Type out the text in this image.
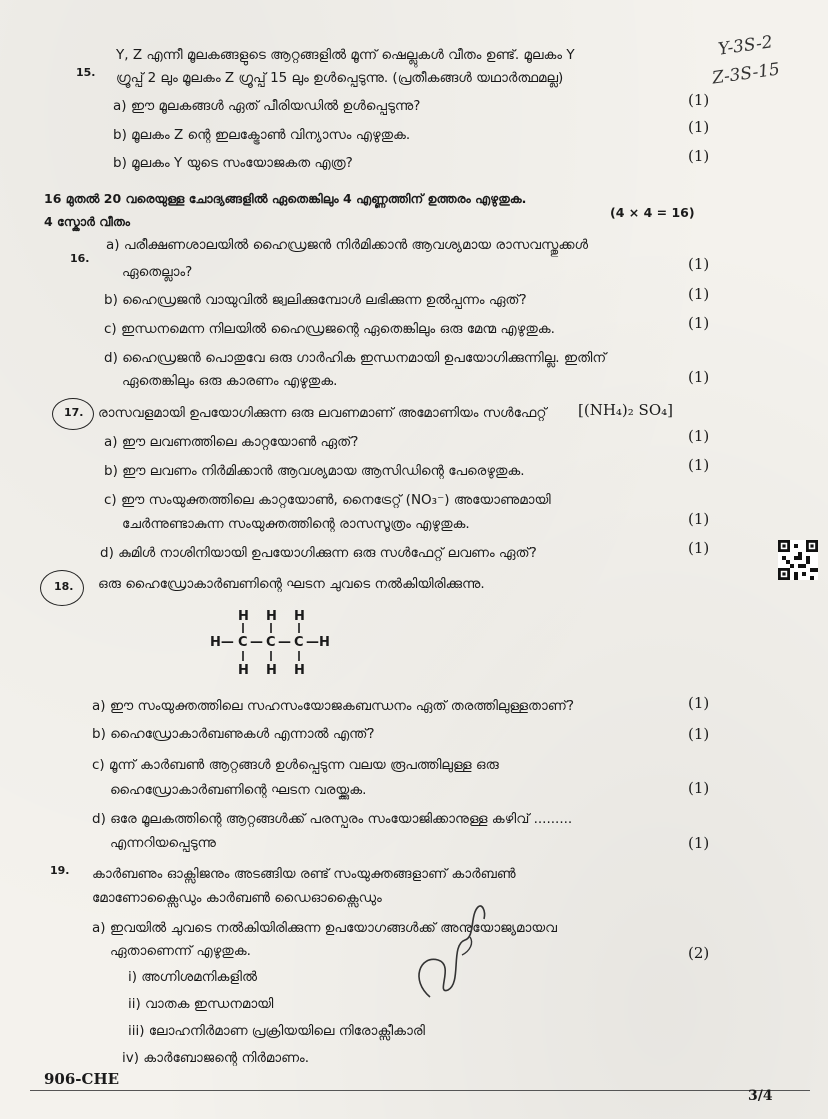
Y-3S-2
Z-3S-15
15.
Y, Z എന്നീ മൂലകങ്ങളുടെ ആറ്റങ്ങളിൽ മൂന്ന് ഷെല്ലുകൾ വീതം ഉണ്ട്. മൂലകം Y
ഗ്രൂപ്പ് 2 ലും മൂലകം Z ഗ്രൂപ്പ് 15 ലും ഉൾപ്പെടുന്നു. (പ്രതീകങ്ങൾ യഥാർത്ഥമല്ല)
a) ഈ മൂലകങ്ങൾ ഏത് പീരിയഡിൽ ഉൾപ്പെടുന്നു?	(1)
b) മൂലകം Z ന്റെ ഇലക്ട്രോൺ വിന്യാസം എഴുതുക.	(1)
b) മൂലകം Y യുടെ സംയോജകത എത്ര?	(1)
16 മുതൽ 20 വരെയുള്ള ചോദ്യങ്ങളിൽ ഏതെങ്കിലും 4 എണ്ണത്തിന് ഉത്തരം എഴുതുക.
4 സ്കോർ വീതം
(4 × 4 = 16)
16.
a) പരീക്ഷണശാലയിൽ ഹൈഡ്രജൻ നിർമിക്കാൻ ആവശ്യമായ രാസവസ്തുക്കൾ
ഏതെല്ലാം?	(1)
b) ഹൈഡ്രജൻ വായുവിൽ ജ്വലിക്കുമ്പോൾ ലഭിക്കുന്ന ഉൽപ്പന്നം ഏത്?	(1)
c) ഇന്ധനമെന്ന നിലയിൽ ഹൈഡ്രജന്റെ ഏതെങ്കിലും ഒരു മേന്മ എഴുതുക.	(1)
d) ഹൈഡ്രജൻ പൊതുവേ ഒരു ഗാർഹിക ഇന്ധനമായി ഉപയോഗിക്കുന്നില്ല. ഇതിന്
ഏതെങ്കിലും ഒരു കാരണം എഴുതുക.	(1)
17. രാസവളമായി ഉപയോഗിക്കുന്ന ഒരു ലവണമാണ് അമോണിയം സൾഫേറ്റ് [(NH₄)₂ SO₄]
a) ഈ ലവണത്തിലെ കാറ്റയോൺ ഏത്?	(1)
b) ഈ ലവണം നിർമിക്കാൻ ആവശ്യമായ ആസിഡിന്റെ പേരെഴുതുക.	(1)
c) ഈ സംയുക്തത്തിലെ കാറ്റയോൺ, നൈട്രേറ്റ് (NO₃⁻) അയോണുമായി
ചേർന്നുണ്ടാകുന്ന സംയുക്തത്തിന്റെ രാസസൂത്രം എഴുതുക.	(1)
d) കുമിൾ നാശിനിയായി ഉപയോഗിക്കുന്ന ഒരു സൾഫേറ്റ് ലവണം ഏത്?	(1)
18. ഒരു ഹൈഡ്രോകാർബണിന്റെ ഘടന ചുവടെ നൽകിയിരിക്കുന്നു.
H H H
H— C — C — C —H
H H H
a) ഈ സംയുക്തത്തിലെ സഹസംയോജകബന്ധനം ഏത് തരത്തിലുള്ളതാണ്?	(1)
b) ഹൈഡ്രോകാർബണുകൾ എന്നാൽ എന്ത്?	(1)
c) മൂന്ന് കാർബൺ ആറ്റങ്ങൾ ഉൾപ്പെടുന്ന വലയ രൂപത്തിലുള്ള ഒരു
ഹൈഡ്രോകാർബണിന്റെ ഘടന വരയ്ക്കുക.	(1)
d) ഒരേ മൂലകത്തിന്റെ ആറ്റങ്ങൾക്ക് പരസ്പരം സംയോജിക്കാനുള്ള കഴിവ് .........
എന്നറിയപ്പെടുന്നു	(1)
19. കാർബണും ഓക്സിജനും അടങ്ങിയ രണ്ട് സംയുക്തങ്ങളാണ് കാർബൺ
മോണോക്സൈഡും കാർബൺ ഡൈഓക്സൈഡും
a) ഇവയിൽ ചുവടെ നൽകിയിരിക്കുന്ന ഉപയോഗങ്ങൾക്ക് അനുയോജ്യമായവ
ഏതാണെന്ന് എഴുതുക.	(2)
i) അഗ്നിശമനികളിൽ
ii) വാതക ഇന്ധനമായി
iii) ലോഹനിർമാണ പ്രക്രിയയിലെ നിരോക്സീകാരി
iv) കാർബോജന്റെ നിർമാണം.
906-CHE
3/4
